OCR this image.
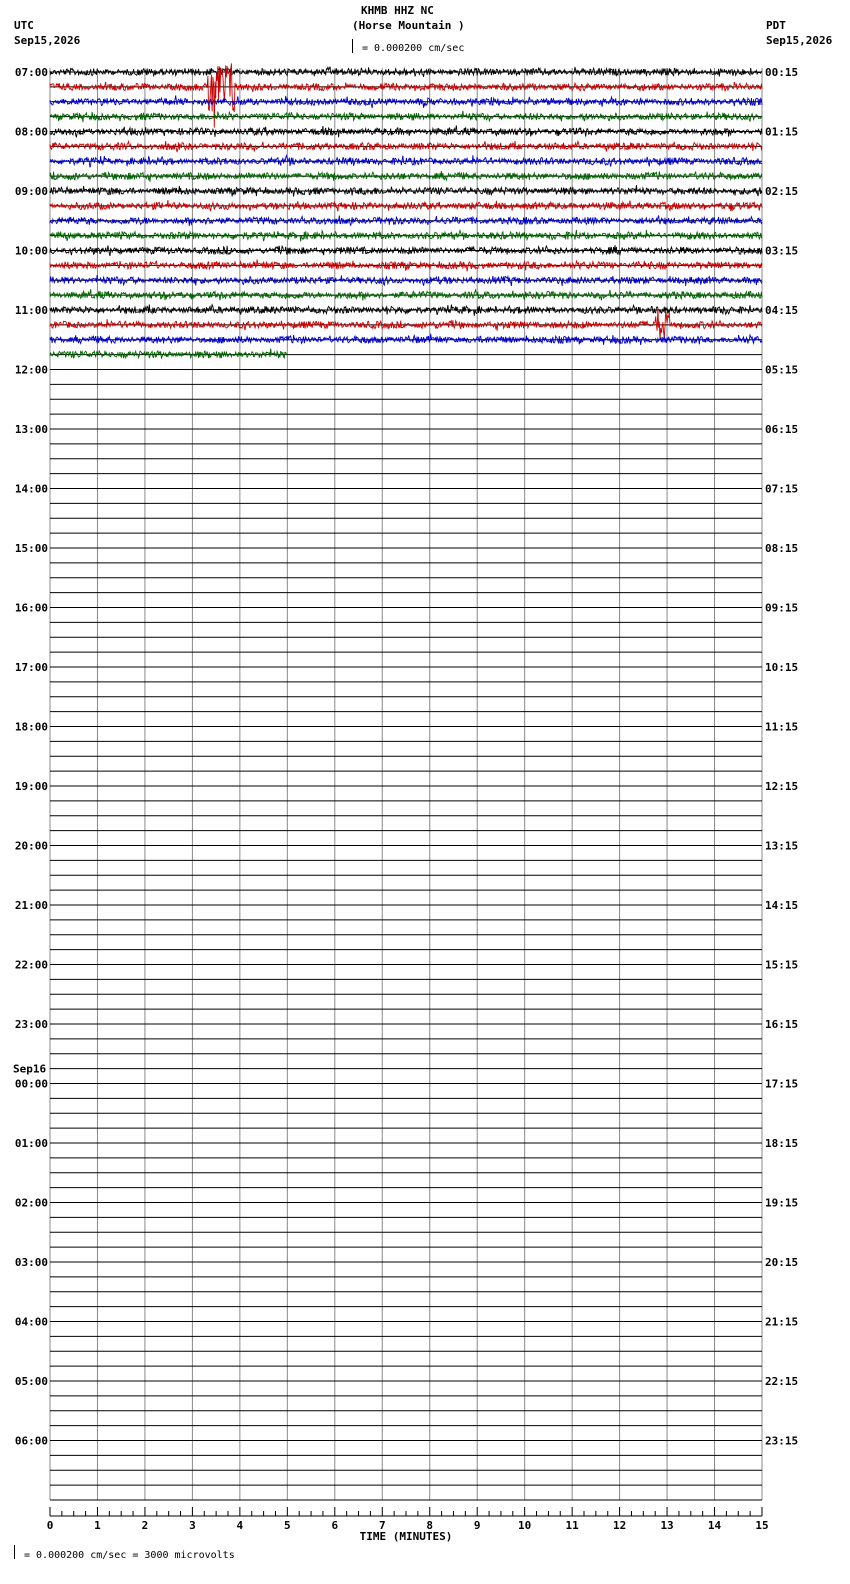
07:00	00:15
08:00	01:15
09:00	02:15
10:00	03:15
11:00	04:15
12:00	05:15
13:00	06:15
14:00	07:15
15:00	08:15
16:00	09:15
17:00	10:15
18:00	11:15
19:00	12:15
20:00	13:15
21:00	14:15
22:00	15:15
23:00	16:15
00:00	17:15
01:00	18:15
02:00	19:15
03:00	20:15
04:00	21:15
05:00	22:15
06:00	23:15
Sep16
0	1	2	3	4	5	6	7	8	9	10	11	12	13	14	15
TIME (MINUTES)
KHMB HHZ NC
(Horse Mountain )
UTC
Sep15,2026
PDT
Sep15,2026
= 0.000200 cm/sec
= 0.000200 cm/sec = 3000 microvolts
